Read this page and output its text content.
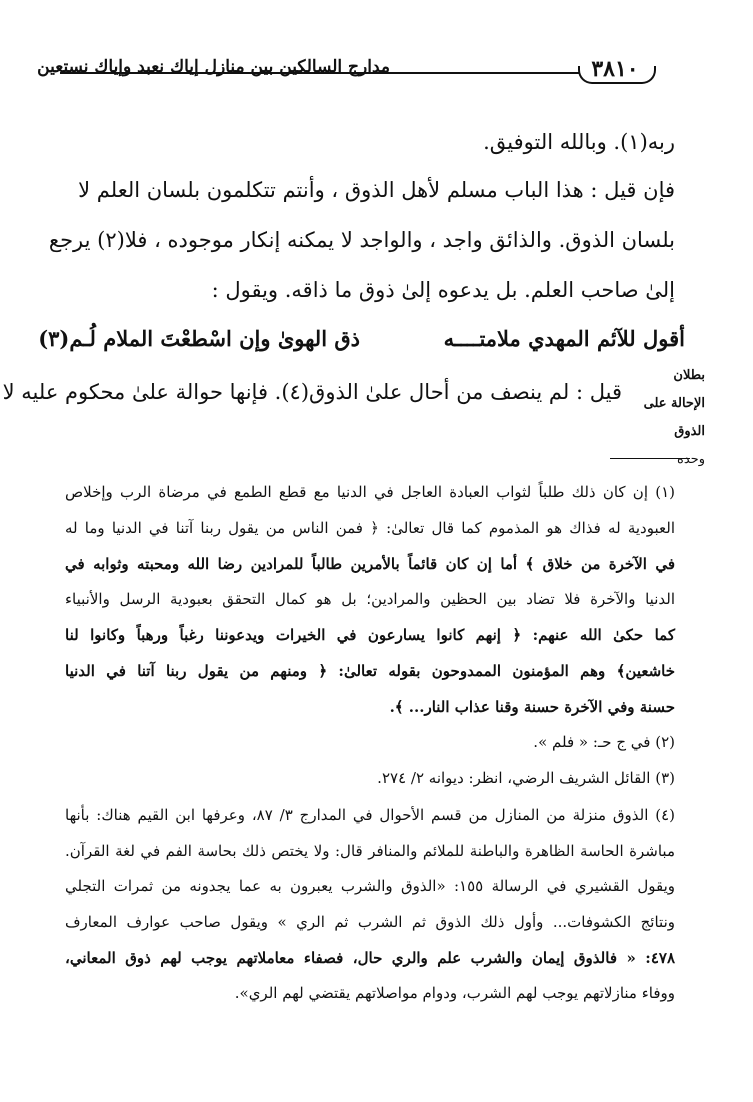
مدارج السالكين بين منازل إياك نعبد وإياك نستعين	٣٨١٠
ربه(١). وبالله التوفيق.
فإن قيل : هذا الباب مسلم لأهل الذوق ، وأنتم تتكلمون بلسان العلم لا
بلسان الذوق. والذائق واجد ، والواجد لا يمكنه إنكار موجوده ، فلا(٢) يرجع
إلىٰ صاحب العلم. بل يدعوه إلىٰ ذوق ما ذاقه. ويقول :
أقول للآئم المهدي ملامتــــه
ذق الهوىٰ وإن اسْطعْتَ الملام لُـم(٣)
قيل : لم ينصف من أحال علىٰ الذوق(٤). فإنها حوالة علىٰ محكوم عليه لا
بطلان
الإحالة على
الذوق
وحده
(١) إن كان ذلك طلباً لثواب العبادة العاجل في الدنيا مع قطع الطمع في مرضاة الرب وإخلاص
العبودية له فذاك هو المذموم كما قال تعالىٰ: ﴿ فمن الناس من يقول ربنا آتنا في الدنيا وما له
في الآخرة من خلاق ﴾ أما إن كان قائماً بالأمرين طالباً للمرادين رضا الله ومحبته وثوابه في
الدنيا والآخرة فلا تضاد بين الحظين والمرادين؛ بل هو كمال التحقق بعبودية الرسل والأنبياء
كما حكىٰ الله عنهم: ﴿ إنهم كانوا يسارعون في الخيرات ويدعوننا رغباً ورهباً وكانوا لنا
خاشعين﴾ وهم المؤمنون الممدوحون بقوله تعالىٰ: ﴿ ومنهم من يقول ربنا آتنا في الدنيا
حسنة وفي الآخرة حسنة وقنا عذاب النار... ﴾.
(٢) في ج حـ: « فلم ».
(٣) القائل الشريف الرضي، انظر: ديوانه ٢/ ٢٧٤.
(٤) الذوق منزلة من المنازل من قسم الأحوال في المدارج ٣/ ٨٧، وعرفها ابن القيم هناك: بأنها
مباشرة الحاسة الظاهرة والباطنة للملائم والمنافر قال: ولا يختص ذلك بحاسة الفم في لغة القرآن.
ويقول القشيري في الرسالة ١٥٥: «الذوق والشرب يعبرون به عما يجدونه من ثمرات التجلي
ونتائج الكشوفات... وأول ذلك الذوق ثم الشرب ثم الري » ويقول صاحب عوارف المعارف
٤٧٨: « فالذوق إيمان والشرب علم والري حال، فصفاء معاملاتهم يوجب لهم ذوق المعاني،
ووفاء منازلاتهم يوجب لهم الشرب، ودوام مواصلاتهم يقتضي لهم الري».
